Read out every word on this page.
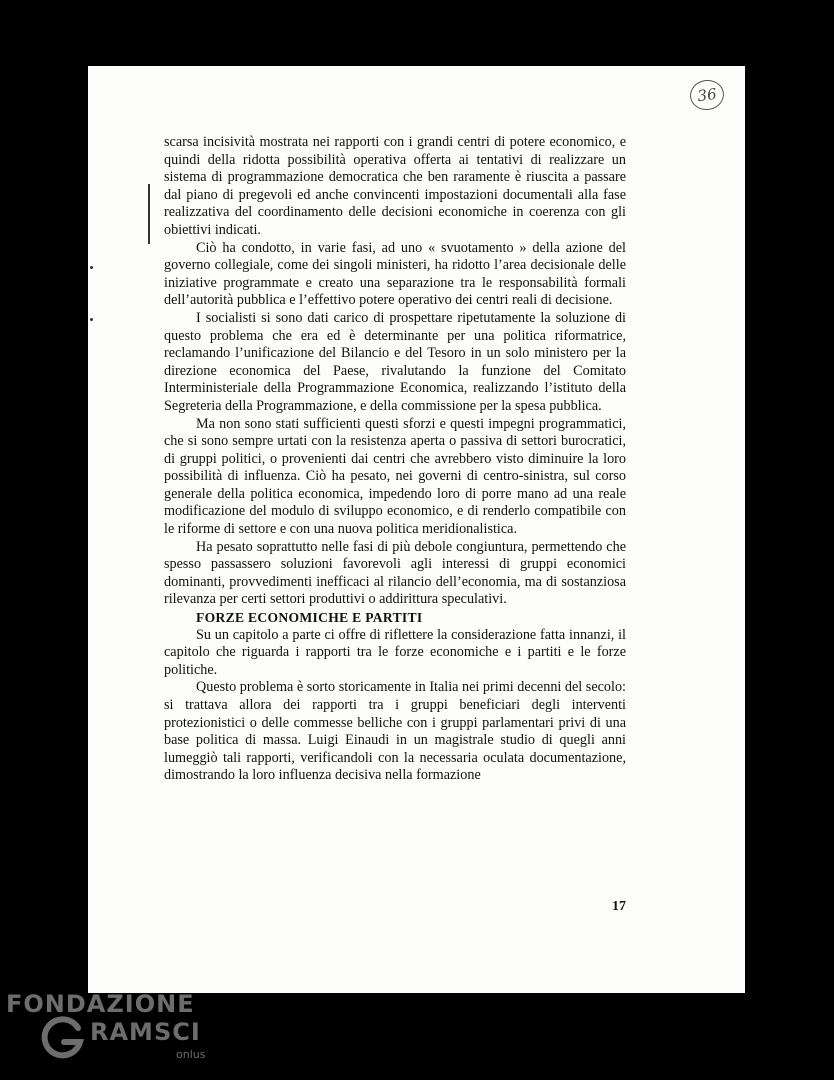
36

scarsa incisività mostrata nei rapporti con i grandi centri di potere economico, e quindi della ridotta possibilità operativa offerta ai tentativi di realizzare un sistema di programmazione democratica che ben raramente è riuscita a passare dal piano di pregevoli ed anche convincenti impostazioni documentali alla fase realizzativa del coordinamento delle decisioni economiche in coerenza con gli obiettivi indicati.

Ciò ha condotto, in varie fasi, ad uno « svuotamento » della azione del governo collegiale, come dei singoli ministeri, ha ridotto l’area decisionale delle iniziative programmate e creato una separazione tra le responsabilità formali dell’autorità pubblica e l’effettivo potere operativo dei centri reali di decisione.

I socialisti si sono dati carico di prospettare ripetutamente la soluzione di questo problema che era ed è determinante per una politica riformatrice, reclamando l’unificazione del Bilancio e del Tesoro in un solo ministero per la direzione economica del Paese, rivalutando la funzione del Comitato Interministeriale della Programmazione Economica, realizzando l’istituto della Segreteria della Programmazione, e della commissione per la spesa pubblica.

Ma non sono stati sufficienti questi sforzi e questi impegni programmatici, che si sono sempre urtati con la resistenza aperta o passiva di settori burocratici, di gruppi politici, o provenienti dai centri che avrebbero visto diminuire la loro possibilità di influenza. Ciò ha pesato, nei governi di centro-sinistra, sul corso generale della politica economica, impedendo loro di porre mano ad una reale modificazione del modulo di sviluppo economico, e di renderlo compatibile con le riforme di settore e con una nuova politica meridionalistica.

Ha pesato soprattutto nelle fasi di più debole congiuntura, permettendo che spesso passassero soluzioni favorevoli agli interessi di gruppi economici dominanti, provvedimenti inefficaci al rilancio dell’economia, ma di sostanziosa rilevanza per certi settori produttivi o addirittura speculativi.

FORZE ECONOMICHE E PARTITI

Su un capitolo a parte ci offre di riflettere la considerazione fatta innanzi, il capitolo che riguarda i rapporti tra le forze economiche e i partiti e le forze politiche.

Questo problema è sorto storicamente in Italia nei primi decenni del secolo: si trattava allora dei rapporti tra i gruppi beneficiari degli interventi protezionistici o delle commesse belliche con i gruppi parlamentari privi di una base politica di massa. Luigi Einaudi in un magistrale studio di quegli anni lumeggiò tali rapporti, verificandoli con la necessaria oculata documentazione, dimostrando la loro influenza decisiva nella formazione

17
FONDAZIONE
RAMSCI
onlus
